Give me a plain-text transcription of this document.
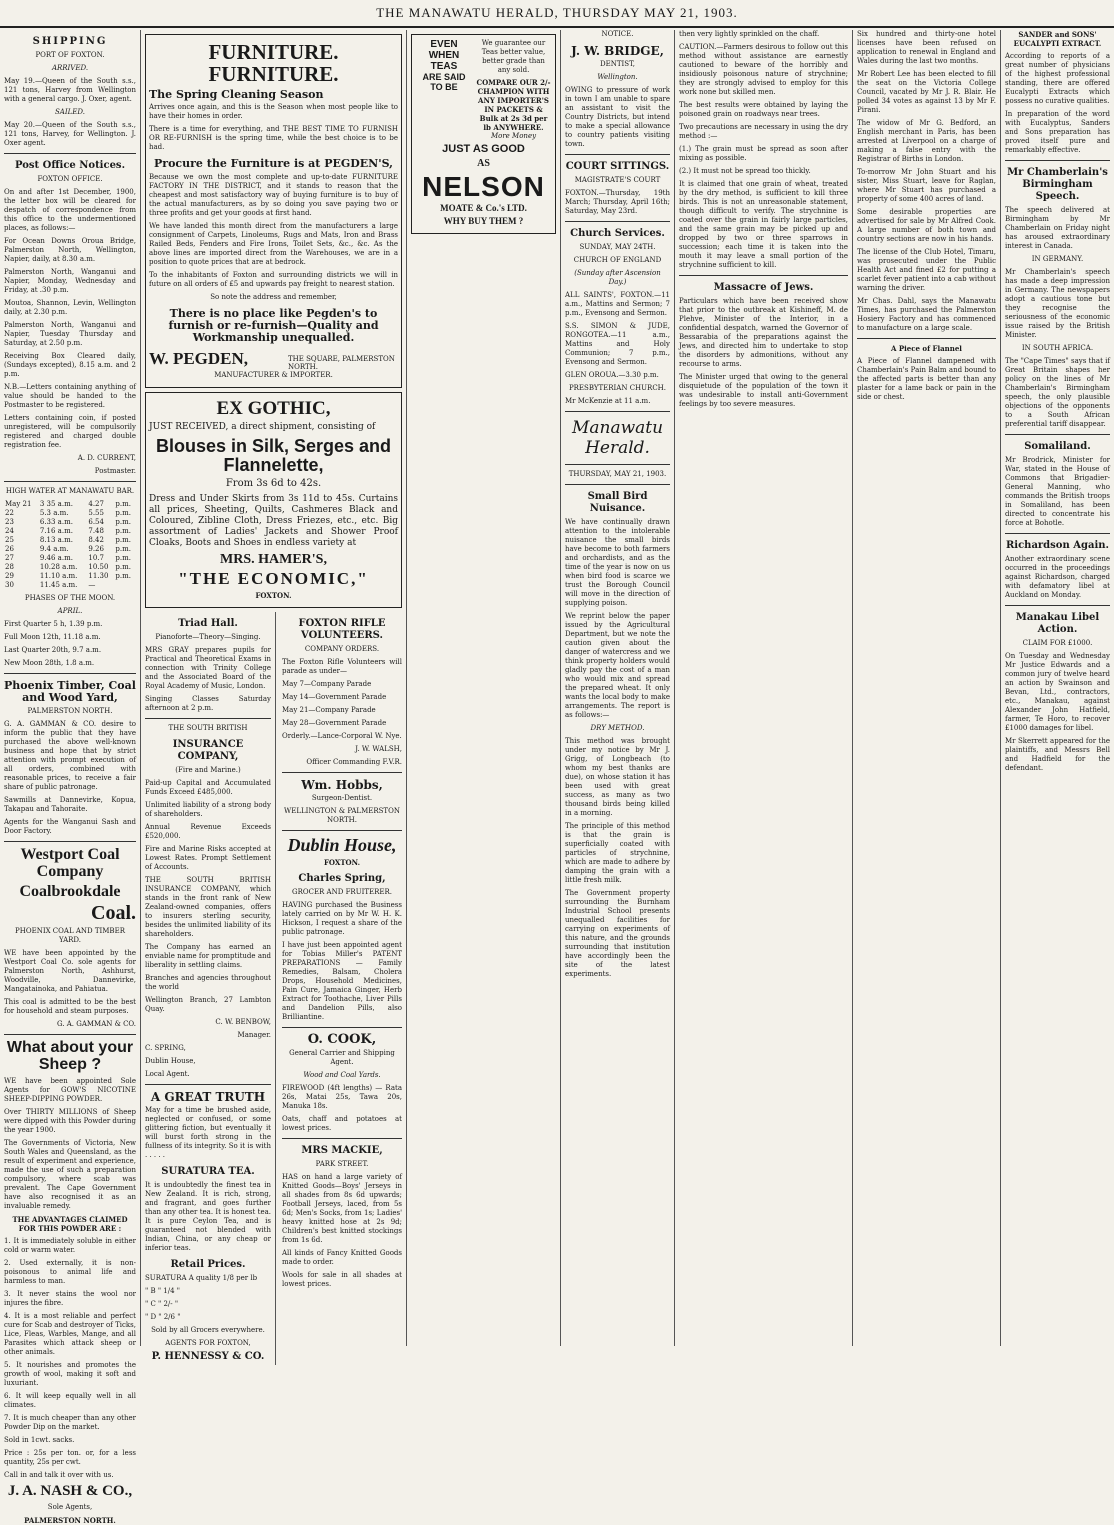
THE MANAWATU HERALD, THURSDAY MAY 21, 1903.
SHIPPING

PORT OF FOXTON.

ARRIVED.

May 19.—Queen of the South s.s., 121 tons, Harvey from Wellington with a general cargo. J. Oxer, agent.

SAILED.

May 20.—Queen of the South s.s., 121 tons, Harvey, for Wellington. J. Oxer agent.

Post Office Notices.

FOXTON OFFICE.

On and after 1st December, 1900, the letter box will be cleared for despatch of correspondence from this office to the undermentioned places, as follows:—

For Ocean Downs Oroua Bridge, Palmerston North, Wellington, Napier, daily, at 8.30 a.m.

Palmerston North, Wanganui and Napier, Monday, Wednesday and Friday, at .30 p.m.

Moutoa, Shannon, Levin, Wellington daily, at 2.30 p.m.

Palmerston North, Wanganui and Napier, Tuesday Thursday and Saturday, at 2.50 p.m.

Receiving Box Cleared daily, (Sundays excepted), 8.15 a.m. and 2 p.m.

N.B.—Letters containing anything of value should be handed to the Postmaster to be registered.

Letters containing coin, if posted unregistered, will be compulsorily registered and charged double registration fee.

A. D. CURRENT,

Postmaster.

HIGH WATER AT MANAWATU BAR.

May 21	3 35 a.m.	4.27	p.m.
22	5.3 a.m.	5.55	p.m.
23	6.33 a.m.	6.54	p.m.
24	7.16 a.m.	7.48	p.m.
25	8.13 a.m.	8.42	p.m.
26	9.4 a.m.	9.26	p.m.
27	9.46 a.m.	10.7	p.m.
28	10.28 a.m.	10.50	p.m.
29	11.10 a.m.	11.30	p.m.
30	11.45 a.m.	—	

PHASES OF THE MOON.

APRIL.

First Quarter 5 h, 1.39 p.m.

Full Moon 12th, 11.18 a.m.

Last Quarter 20th, 9.7 a.m.

New Moon 28th, 1.8 a.m.

Phoenix Timber, Coal and Wood Yard,

PALMERSTON NORTH.

G. A. GAMMAN & CO. desire to inform the public that they have purchased the above well-known business and hope that by strict attention with prompt execution of all orders, combined with reasonable prices, to receive a fair share of public patronage.

Sawmills at Dannevirke, Kopua, Takapau and Tahoraite.

Agents for the Wanganui Sash and Door Factory.

Westport Coal Company
Coalbrookdale
Coal.

PHOENIX COAL AND TIMBER YARD.

WE have been appointed by the Westport Coal Co. sole agents for Palmerston North, Ashhurst, Woodville, Dannevirke, Mangatainoka, and Pahiatua.

This coal is admitted to be the best for household and steam purposes.

G. A. GAMMAN & CO.

What about your Sheep ?

WE have been appointed Sole Agents for GOW'S NICOTINE SHEEP-DIPPING POWDER.

Over THIRTY MILLIONS of Sheep were dipped with this Powder during the year 1900.

The Governments of Victoria, New South Wales and Queensland, as the result of experiment and experience, made the use of such a preparation compulsory, where scab was prevalent. The Cape Government have also recognised it as an invaluable remedy.

THE ADVANTAGES CLAIMED FOR THIS POWDER ARE :

1. It is immediately soluble in either cold or warm water.

2. Used externally, it is non-poisonous to animal life and harmless to man.

3. It never stains the wool nor injures the fibre.

4. It is a most reliable and perfect cure for Scab and destroyer of Ticks, Lice, Fleas, Warbles, Mange, and all Parasites which attack sheep or other animals.

5. It nourishes and promotes the growth of wool, making it soft and luxuriant.

6. It will keep equally well in all climates.

7. It is much cheaper than any other Powder Dip on the market.

Sold in 1cwt. sacks.

Price : 25s per ton. or, for a less quantity, 25s per cwt.

Call in and talk it over with us.

J. A. NASH & CO.,

Sole Agents,

PALMERSTON NORTH.

FURNITURE. FURNITURE.
The Spring Cleaning Season

Arrives once again, and this is the Season when most people like to have their homes in order.

There is a time for everything, and THE BEST TIME TO FURNISH OR RE-FURNISH is the spring time, while the best choice is to be had.

Procure the Furniture is at PEGDEN'S,

Because we own the most complete and up-to-date FURNITURE FACTORY IN THE DISTRICT, and it stands to reason that the cheapest and most satisfactory way of buying furniture is to buy of the actual manufacturers, as by so doing you save paying two or three profits and get your goods at first hand.

We have landed this month direct from the manufacturers a large consignment of Carpets, Linoleums, Rugs and Mats, Iron and Brass Railed Beds, Fenders and Fire Irons, Toilet Sets, &c., &c. As the above lines are imported direct from the Warehouses, we are in a position to quote prices that are at bedrock.

To the inhabitants of Foxton and surrounding districts we will in future on all orders of £5 and upwards pay freight to nearest station.

So note the address and remember,

There is no place like Pegden's to furnish or re-furnish—Quality and Workmanship unequalled.
W. PEGDEN,	THE SQUARE, PALMERSTON NORTH.

MANUFACTURER & IMPORTER.

EX GOTHIC,

JUST RECEIVED, a direct shipment, consisting of

Blouses in Silk, Serges and Flannelette,

From 3s 6d to 42s.

Dress and Under Skirts from 3s 11d to 45s. Curtains all prices, Sheeting, Quilts, Cashmeres Black and Coloured, Zibline Cloth, Dress Friezes, etc., etc. Big assortment of Ladies' Jackets and Shower Proof Cloaks, Boots and Shoes in endless variety at

MRS. HAMER'S,
"THE ECONOMIC,"

FOXTON.

Triad Hall.

Pianoforte—Theory—Singing.

MRS GRAY prepares pupils for Practical and Theoretical Exams in connection with Trinity College and the Associated Board of the Royal Academy of Music, London.

Singing Classes Saturday afternoon at 2 p.m.

THE SOUTH BRITISH

INSURANCE COMPANY,

(Fire and Marine.)

Paid-up Capital and Accumulated Funds Exceed £485,000.

Unlimited liability of a strong body of shareholders.

Annual Revenue Exceeds £520,000.

Fire and Marine Risks accepted at Lowest Rates. Prompt Settlement of Accounts.

THE SOUTH BRITISH INSURANCE COMPANY, which stands in the front rank of New Zealand-owned companies, offers to insurers sterling security, besides the unlimited liability of its shareholders.

The Company has earned an enviable name for promptitude and liberality in settling claims.

Branches and agencies throughout the world

Wellington Branch, 27 Lambton Quay.

C. W. BENBOW,

Manager.

C. SPRING,

Dublin House,

Local Agent.

A GREAT TRUTH

May for a time be brushed aside, neglected or confused, or some glittering fiction, but eventually it will burst forth strong in the fullness of its integrity. So it is with . . . . .

SURATURA TEA.

It is undoubtedly the finest tea in New Zealand. It is rich, strong, and fragrant, and goes further than any other tea. It is honest tea. It is pure Ceylon Tea, and is guaranteed not blended with Indian, China, or any cheap or inferior teas.

Retail Prices.

SURATURA A quality 1/8 per lb

" B " 1/4 "

" C " 2/- "

" D " 2/6 "

Sold by all Grocers everywhere.

AGENTS FOR FOXTON,

P. HENNESSY & CO.

FOXTON RIFLE VOLUNTEERS.

COMPANY ORDERS.

The Foxton Rifle Volunteers will parade as under—

May 7—Company Parade

May 14—Government Parade

May 21—Company Parade

May 28—Government Parade

Orderly.—Lance-Corporal W. Nye.

J. W. WALSH,

Officer Commanding F.V.R.

Wm. Hobbs,

Surgeon-Dentist.

WELLINGTON & PALMERSTON NORTH.

Dublin House,

FOXTON.

Charles Spring,

GROCER AND FRUITERER.

HAVING purchased the Business lately carried on by Mr W. H. K. Hickson, I request a share of the public patronage.

I have just been appointed agent for Tobias Miller's PATENT PREPARATIONS — Family Remedies, Balsam, Cholera Drops, Household Medicines, Pain Cure, Jamaica Ginger, Herb Extract for Toothache, Liver Pills and Dandelion Pills, also Brilliantine.

O. COOK,

General Carrier and Shipping Agent.

Wood and Coal Yards.

FIREWOOD (4ft lengths) — Rata 26s, Matai 25s, Tawa 20s, Manuka 18s.

Oats, chaff and potatoes at lowest prices.

MRS MACKIE,

PARK STREET.

HAS on hand a large variety of Knitted Goods—Boys' Jerseys in all shades from 8s 6d upwards; Football Jerseys, laced, from 5s 6d; Men's Socks, from 1s; Ladies' heavy knitted hose at 2s 9d; Children's best knitted stockings from 1s 6d.

All kinds of Fancy Knitted Goods made to order.

Wools for sale in all shades at lowest prices.

EVEN
WHEN
TEAS
ARE SAID
TO BE
We guarantee our Teas better value, better grade than any sold.
COMPARE OUR 2/- CHAMPION WITH ANY IMPORTER'S IN PACKETS & Bulk at 2s 3d per lb ANYWHERE.
More Money
JUST AS GOOD
AS
NELSON
MOATE & Co.'s LTD.
WHY BUY THEM ?

NOTICE.

J. W. BRIDGE,

DENTIST,

Wellington.

OWING to pressure of work in town I am unable to spare an assistant to visit the Country Districts, but intend to make a special allowance to country patients visiting town.

COURT SITTINGS.

MAGISTRATE'S COURT

FOXTON.—Thursday, 19th March; Thursday, April 16th; Saturday, May 23rd.

Church Services.

SUNDAY, MAY 24TH.

CHURCH OF ENGLAND

(Sunday after Ascension Day.)

ALL SAINTS', FOXTON.—11 a.m., Mattins and Sermon; 7 p.m., Evensong and Sermon.

S.S. SIMON & JUDE, RONGOTEA.—11 a.m., Mattins and Holy Communion; 7 p.m., Evensong and Sermon.

GLEN OROUA.—3.30 p.m.

PRESBYTERIAN CHURCH.

Mr McKenzie at 11 a.m.

Manawatu Herald.

THURSDAY, MAY 21, 1903.

Small Bird Nuisance.

We have continually drawn attention to the intolerable nuisance the small birds have become to both farmers and orchardists, and as the time of the year is now on us when bird food is scarce we trust the Borough Council will move in the direction of supplying poison.

We reprint below the paper issued by the Agricultural Department, but we note the caution given about the danger of watercress and we think property holders would gladly pay the cost of a man who would mix and spread the prepared wheat. It only wants the local body to make arrangements. The report is as follows:—

DRY METHOD.

This method was brought under my notice by Mr J. Grigg, of Longbeach (to whom my best thanks are due), on whose station it has been used with great success, as many as two thousand birds being killed in a morning.

The principle of this method is that the grain is superficially coated with particles of strychnine, which are made to adhere by damping the grain with a little fresh milk.

The Government property surrounding the Burnham Industrial School presents unequalled facilities for carrying on experiments of this nature, and the grounds surrounding that institution have accordingly been the site of the latest experiments.

then very lightly sprinkled on the chaff.

CAUTION.—Farmers desirous to follow out this method without assistance are earnestly cautioned to beware of the horribly and insidiously poisonous nature of strychnine; they are strongly advised to employ for this work none but skilled men.

The best results were obtained by laying the poisoned grain on roadways near trees.

Two precautions are necessary in using the dry method :—

(1.) The grain must be spread as soon after mixing as possible.

(2.) It must not be spread too thickly.

It is claimed that one grain of wheat, treated by the dry method, is sufficient to kill three birds. This is not an unreasonable statement, though difficult to verify. The strychnine is coated over the grain in fairly large particles, and the same grain may be picked up and dropped by two or three sparrows in succession; each time it is taken into the mouth it may leave a small portion of the strychnine sufficient to kill.

Massacre of Jews.

Particulars which have been received show that prior to the outbreak at Kishineff, M. de Plehve, Minister of the Interior, in a confidential despatch, warned the Governor of Bessarabia of the preparations against the Jews, and directed him to undertake to stop the disorders by admonitions, without any recourse to arms.

The Minister urged that owing to the general disquietude of the population of the town it was undesirable to install anti-Government feelings by too severe measures.

Six hundred and thirty-one hotel licenses have been refused on application to renewal in England and Wales during the last two months.

Mr Robert Lee has been elected to fill the seat on the Victoria College Council, vacated by Mr J. R. Blair. He polled 34 votes as against 13 by Mr F. Pirani.

The widow of Mr G. Bedford, an English merchant in Paris, has been arrested at Liverpool on a charge of making a false entry with the Registrar of Births in London.

To-morrow Mr John Stuart and his sister, Miss Stuart, leave for Raglan, where Mr Stuart has purchased a property of some 400 acres of land.

Some desirable properties are advertised for sale by Mr Alfred Cook. A large number of both town and country sections are now in his hands.

The license of the Club Hotel, Timaru, was prosecuted under the Public Health Act and fined £2 for putting a scarlet fever patient into a cab without warning the driver.

Mr Chas. Dahl, says the Manawatu Times, has purchased the Palmerston Hosiery Factory and has commenced to manufacture on a large scale.

A Piece of Flannel

A Piece of Flannel dampened with Chamberlain's Pain Balm and bound to the affected parts is better than any plaster for a lame back or pain in the side or chest.

SANDER and SONS' EUCALYPTI EXTRACT.

According to reports of a great number of physicians of the highest professional standing, there are offered Eucalypti Extracts which possess no curative qualities.

In preparation of the word with Eucalyptus, Sanders and Sons preparation has proved itself pure and remarkably effective.

Mr Chamberlain's Birmingham Speech.

The speech delivered at Birmingham by Mr Chamberlain on Friday night has aroused extraordinary interest in Canada.

IN GERMANY.

Mr Chamberlain's speech has made a deep impression in Germany. The newspapers adopt a cautious tone but they recognise the seriousness of the economic issue raised by the British Minister.

IN SOUTH AFRICA.

The "Cape Times" says that if Great Britain shapes her policy on the lines of Mr Chamberlain's Birmingham speech, the only plausible objections of the opponents to a South African preferential tariff disappear.

Somaliland.

Mr Brodrick, Minister for War, stated in the House of Commons that Brigadier-General Manning, who commands the British troops in Somaliland, has been directed to concentrate his force at Bohotle.

Richardson Again.

Another extraordinary scene occurred in the proceedings against Richardson, charged with defamatory libel at Auckland on Monday.

Manakau Libel Action.

CLAIM FOR £1000.

On Tuesday and Wednesday Mr Justice Edwards and a common jury of twelve heard an action by Swainson and Bevan, Ltd., contractors, etc., Manakau, against Alexander John Hatfield, farmer, Te Horo, to recover £1000 damages for libel.

Mr Skerrett appeared for the plaintiffs, and Messrs Bell and Hadfield for the defendant.
